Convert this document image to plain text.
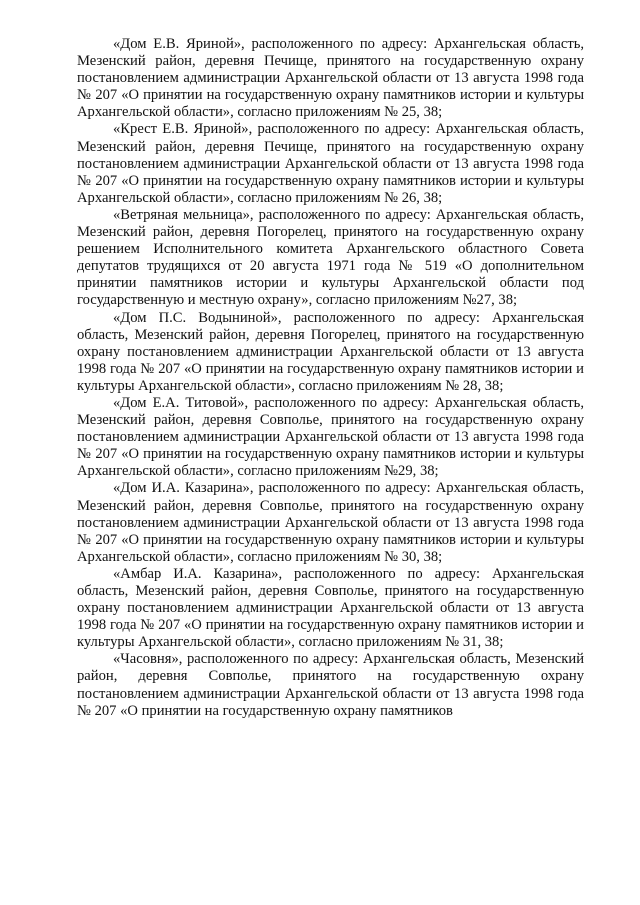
«Дом Е.В. Яриной», расположенного по адресу: Архангельская область, Мезенский район, деревня Печище, принятого на государственную охрану постановлением администрации Архангельской области от 13 августа 1998 года № 207 «О принятии на государственную охрану памятников истории и культуры Архангельской области», согласно приложениям № 25, 38;

«Крест Е.В. Яриной», расположенного по адресу: Архангельская область, Мезенский район, деревня Печище, принятого на государственную охрану постановлением администрации Архангельской области от 13 августа 1998 года № 207 «О принятии на государственную охрану памятников истории и культуры Архангельской области», согласно приложениям № 26, 38;

«Ветряная мельница», расположенного по адресу: Архангельская область, Мезенский район, деревня Погорелец, принятого на государственную охрану решением Исполнительного комитета Архангельского областного Совета депутатов трудящихся от 20 августа 1971 года № 519 «О дополнительном принятии памятников истории и культуры Архангельской области под государственную и местную охрану», согласно приложениям №27, 38;

«Дом П.С. Водыниной», расположенного по адресу: Архангельская область, Мезенский район, деревня Погорелец, принятого на государственную охрану постановлением администрации Архангельской области от 13 августа 1998 года № 207 «О принятии на государственную охрану памятников истории и культуры Архангельской области», согласно приложениям № 28, 38;

«Дом Е.А. Титовой», расположенного по адресу: Архангельская область, Мезенский район, деревня Совполье, принятого на государственную охрану постановлением администрации Архангельской области от 13 августа 1998 года № 207 «О принятии на государственную охрану памятников истории и культуры Архангельской области», согласно приложениям №29, 38;

«Дом И.А. Казарина», расположенного по адресу: Архангельская область, Мезенский район, деревня Совполье, принятого на государственную охрану постановлением администрации Архангельской области от 13 августа 1998 года № 207 «О принятии на государственную охрану памятников истории и культуры Архангельской области», согласно приложениям № 30, 38;

«Амбар И.А. Казарина», расположенного по адресу: Архангельская область, Мезенский район, деревня Совполье, принятого на государственную охрану постановлением администрации Архангельской области от 13 августа 1998 года № 207 «О принятии на государственную охрану памятников истории и культуры Архангельской области», согласно приложениям № 31, 38;

«Часовня», расположенного по адресу: Архангельская область, Мезенский район, деревня Совполье, принятого на государственную охрану постановлением администрации Архангельской области от 13 августа 1998 года № 207 «О принятии на государственную охрану памятников
